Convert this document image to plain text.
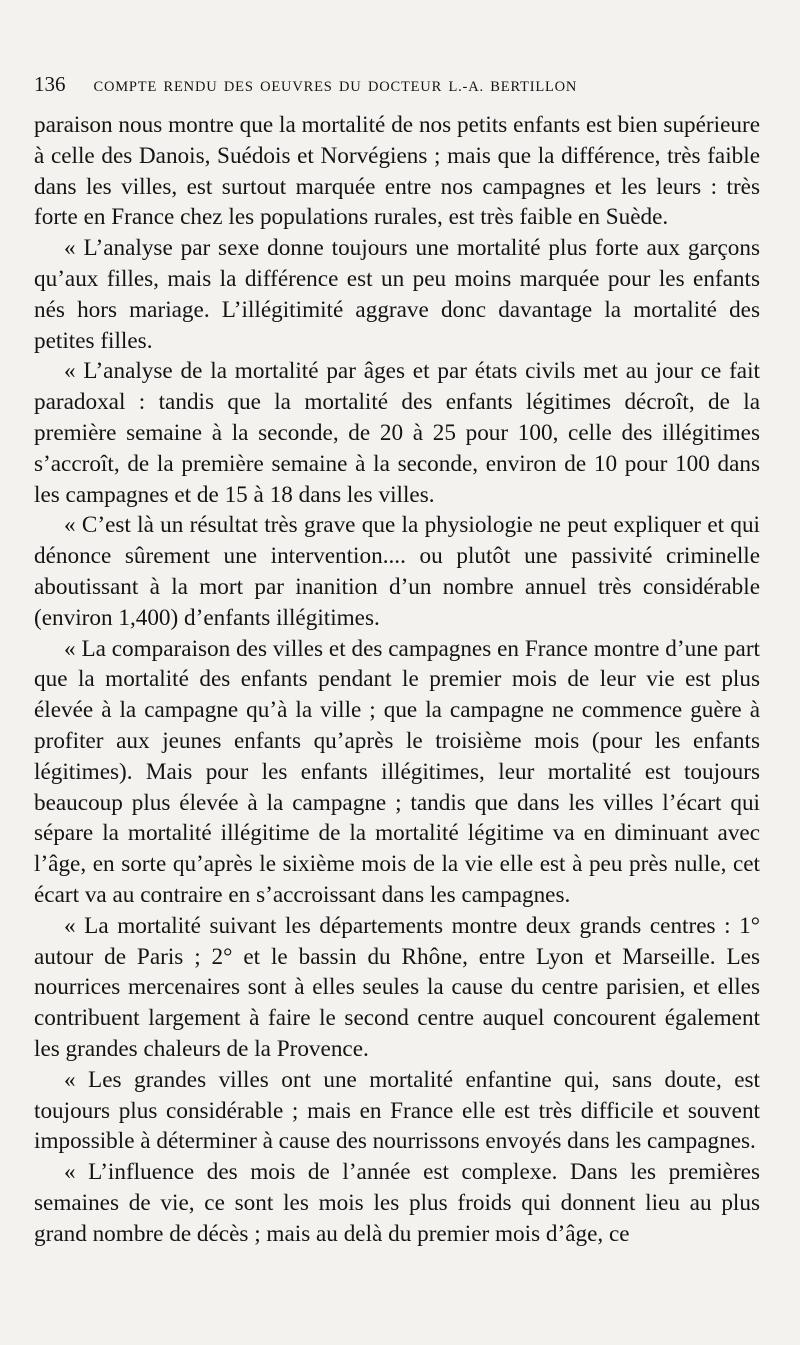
136 COMPTE RENDU DES OEUVRES DU DOCTEUR L.-A. BERTILLON

paraison nous montre que la mortalité de nos petits enfants est bien supérieure à celle des Danois, Suédois et Norvégiens ; mais que la différence, très faible dans les villes, est surtout marquée entre nos campagnes et les leurs : très forte en France chez les populations rurales, est très faible en Suède.

« L’analyse par sexe donne toujours une mortalité plus forte aux garçons qu’aux filles, mais la différence est un peu moins marquée pour les enfants nés hors mariage. L’illégitimité aggrave donc davantage la mortalité des petites filles.

« L’analyse de la mortalité par âges et par états civils met au jour ce fait paradoxal : tandis que la mortalité des enfants légitimes décroît, de la première semaine à la seconde, de 20 à 25 pour 100, celle des illégitimes s’accroît, de la première semaine à la seconde, environ de 10 pour 100 dans les campagnes et de 15 à 18 dans les villes.

« C’est là un résultat très grave que la physiologie ne peut expliquer et qui dénonce sûrement une intervention.... ou plutôt une passivité criminelle aboutissant à la mort par inanition d’un nombre annuel très considérable (environ 1,400) d’enfants illégitimes.

« La comparaison des villes et des campagnes en France montre d’une part que la mortalité des enfants pendant le premier mois de leur vie est plus élevée à la campagne qu’à la ville ; que la campagne ne commence guère à profiter aux jeunes enfants qu’après le troisième mois (pour les enfants légitimes). Mais pour les enfants illégitimes, leur mortalité est toujours beaucoup plus élevée à la campagne ; tandis que dans les villes l’écart qui sépare la mortalité illégitime de la mortalité légitime va en diminuant avec l’âge, en sorte qu’après le sixième mois de la vie elle est à peu près nulle, cet écart va au contraire en s’accroissant dans les campagnes.

« La mortalité suivant les départements montre deux grands centres : 1° autour de Paris ; 2° et le bassin du Rhône, entre Lyon et Marseille. Les nourrices mercenaires sont à elles seules la cause du centre parisien, et elles contribuent largement à faire le second centre auquel concourent également les grandes chaleurs de la Provence.

« Les grandes villes ont une mortalité enfantine qui, sans doute, est toujours plus considérable ; mais en France elle est très difficile et souvent impossible à déterminer à cause des nourrissons envoyés dans les campagnes.

« L’influence des mois de l’année est complexe. Dans les premières semaines de vie, ce sont les mois les plus froids qui donnent lieu au plus grand nombre de décès ; mais au delà du premier mois d’âge, ce
